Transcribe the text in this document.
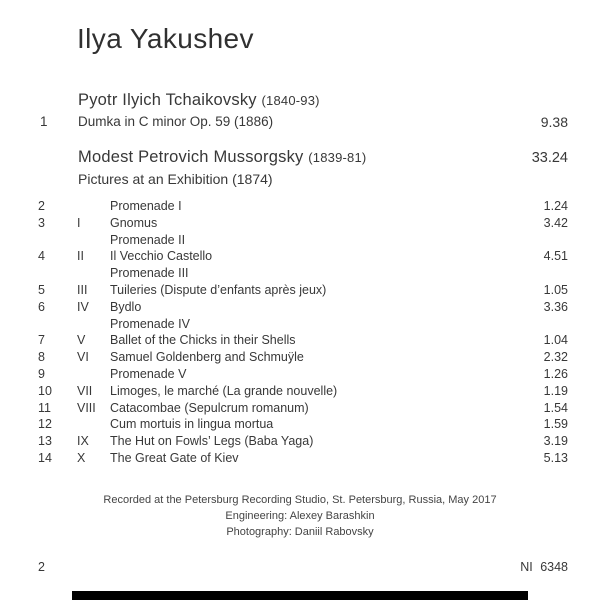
Ilya Yakushev
Pyotr Ilyich Tchaikovsky (1840-93)
1 Dumka in C minor Op. 59 (1886)	9.38
Modest Petrovich Mussorgsky (1839-81)	33.24
Pictures at an Exhibition (1874)
2	Promenade I	1.24
3	I Gnomus	3.42
Promenade II
4	II Il Vecchio Castello	4.51
Promenade III
5	III Tuileries (Dispute d’enfants après jeux)	1.05
6	IV Bydlo	3.36
Promenade IV
7	V Ballet of the Chicks in their Shells	1.04
8	VI Samuel Goldenberg and Schmuÿle	2.32
9	Promenade V	1.26
10 VII Limoges, le marché (La grande nouvelle)	1.19
11 VIII Catacombae (Sepulcrum romanum)	1.54
12	Cum mortuis in lingua mortua	1.59
13 IX The Hut on Fowls’ Legs (Baba Yaga)	3.19
14 X The Great Gate of Kiev	5.13
Recorded at the Petersburg Recording Studio, St. Petersburg, Russia, May 2017
Engineering: Alexey Barashkin
Photography: Daniil Rabovsky
2	NI 6348
